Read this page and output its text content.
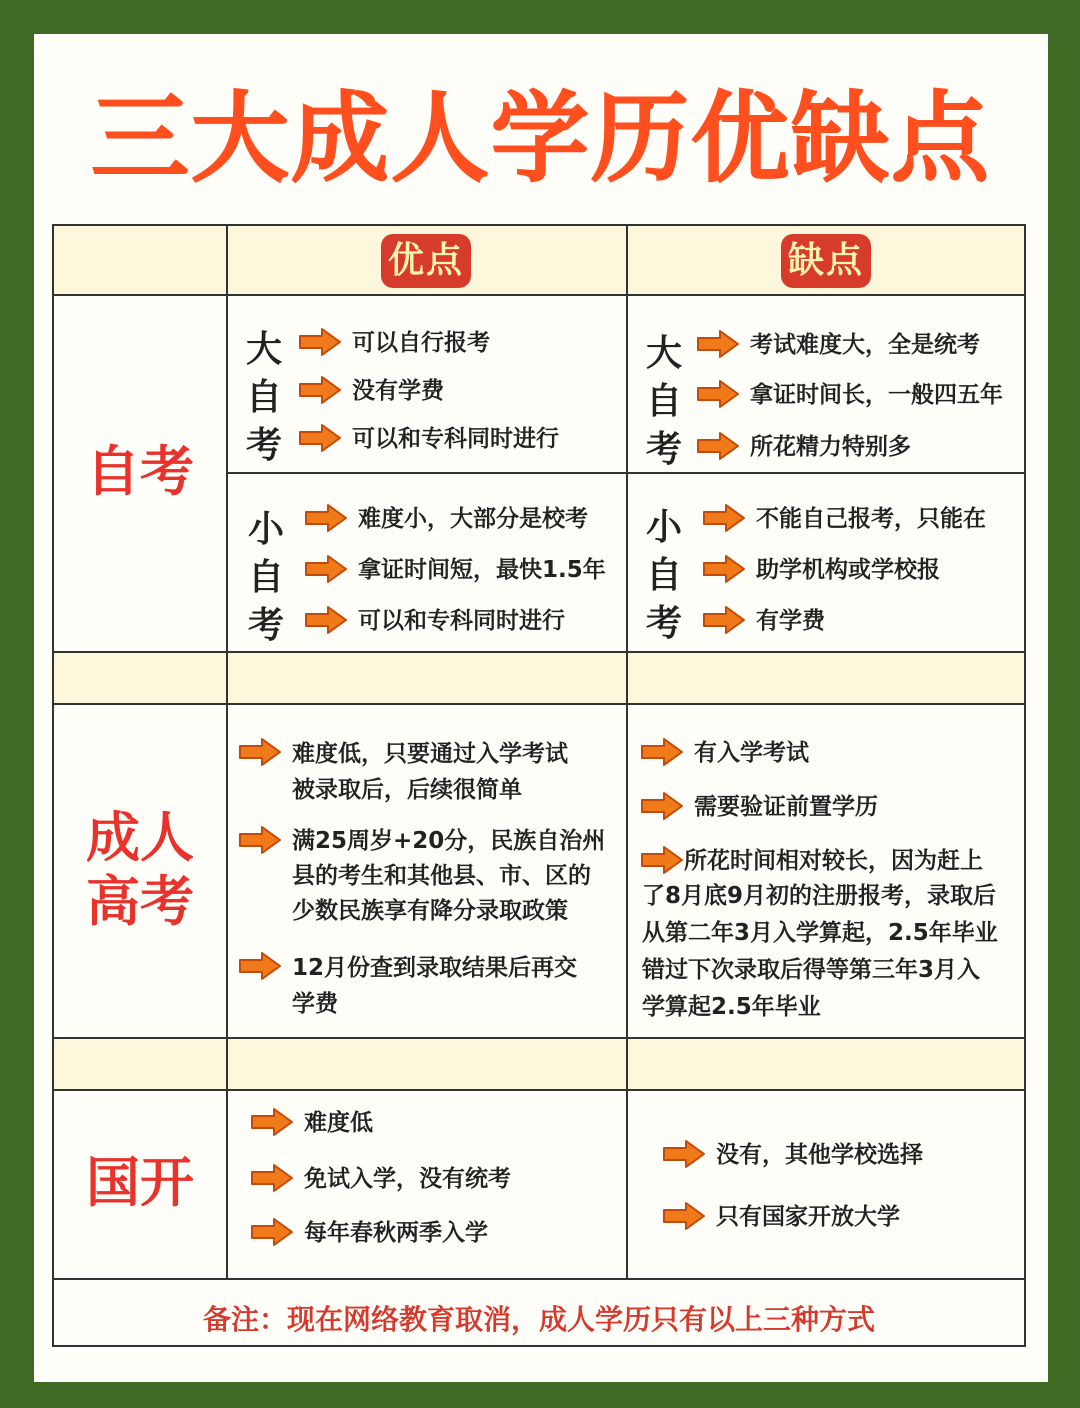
三大成人学历优缺点
优点	缺点
自考
大
自
考
可以自行报考
没有学费
可以和专科同时进行
大
自
考
考试难度大，全是统考
拿证时间长，一般四五年
所花精力特别多
小
自
考
难度小，大部分是校考
拿证时间短，最快1.5年
可以和专科同时进行
小
自
考
不能自己报考，只能在
助学机构或学校报
有学费
成人
高考
难度低，只要通过入学考试
被录取后，后续很简单
满25周岁+20分，民族自治州
县的考生和其他县、市、区的
少数民族享有降分录取政策
12月份查到录取结果后再交
学费
有入学考试
需要验证前置学历
所花时间相对较长，因为赶上
了8月底9月初的注册报考，录取后
从第二年3月入学算起，2.5年毕业
错过下次录取后得等第三年3月入
学算起2.5年毕业
国开
难度低
免试入学，没有统考
每年春秋两季入学
没有，其他学校选择
只有国家开放大学
备注：现在网络教育取消，成人学历只有以上三种方式
